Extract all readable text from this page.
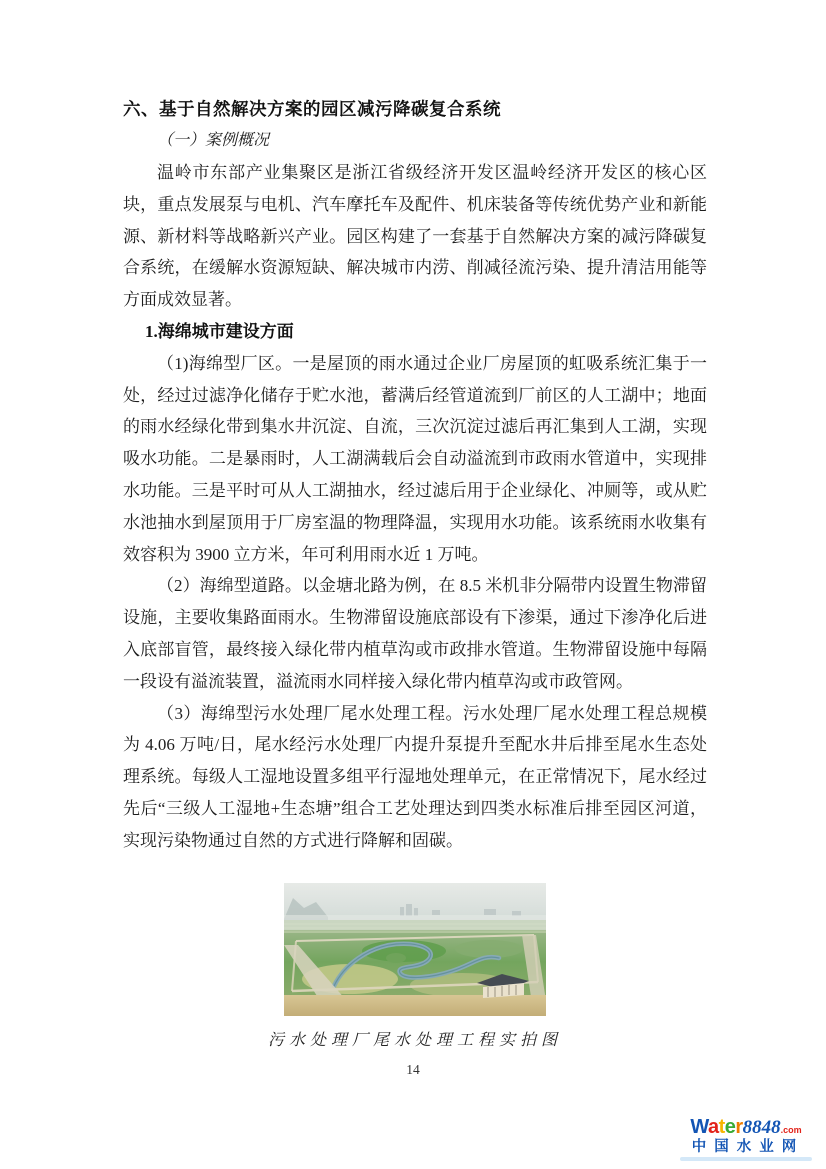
六、基于自然解决方案的园区减污降碳复合系统
（一）案例概况

温岭市东部产业集聚区是浙江省级经济开发区温岭经济开发区的核心区块，重点发展泵与电机、汽车摩托车及配件、机床装备等传统优势产业和新能源、新材料等战略新兴产业。园区构建了一套基于自然解决方案的减污降碳复合系统，在缓解水资源短缺、解决城市内涝、削减径流污染、提升清洁用能等方面成效显著。

1.海绵城市建设方面

（1)海绵型厂区。一是屋顶的雨水通过企业厂房屋顶的虹吸系统汇集于一处，经过过滤净化储存于贮水池，蓄满后经管道流到厂前区的人工湖中；地面的雨水经绿化带到集水井沉淀、自流，三次沉淀过滤后再汇集到人工湖，实现吸水功能。二是暴雨时，人工湖满载后会自动溢流到市政雨水管道中，实现排水功能。三是平时可从人工湖抽水，经过滤后用于企业绿化、冲厕等，或从贮水池抽水到屋顶用于厂房室温的物理降温，实现用水功能。该系统雨水收集有效容积为 3900 立方米，年可利用雨水近 1 万吨。

（2）海绵型道路。以金塘北路为例，在 8.5 米机非分隔带内设置生物滞留设施，主要收集路面雨水。生物滞留设施底部设有下渗渠，通过下渗净化后进入底部盲管，最终接入绿化带内植草沟或市政排水管道。生物滞留设施中每隔一段设有溢流装置，溢流雨水同样接入绿化带内植草沟或市政管网。

（3）海绵型污水处理厂尾水处理工程。污水处理厂尾水处理工程总规模为 4.06 万吨/日，尾水经污水处理厂内提升泵提升至配水井后排至尾水生态处理系统。每级人工湿地设置多组平行湿地处理单元，在正常情况下，尾水经过先后“三级人工湿地+生态塘”组合工艺处理达到四类水标准后排至园区河道，实现污染物通过自然的方式进行降解和固碳。

污水处理厂尾水处理工程实拍图
14
Water8848.com
中国水业网
